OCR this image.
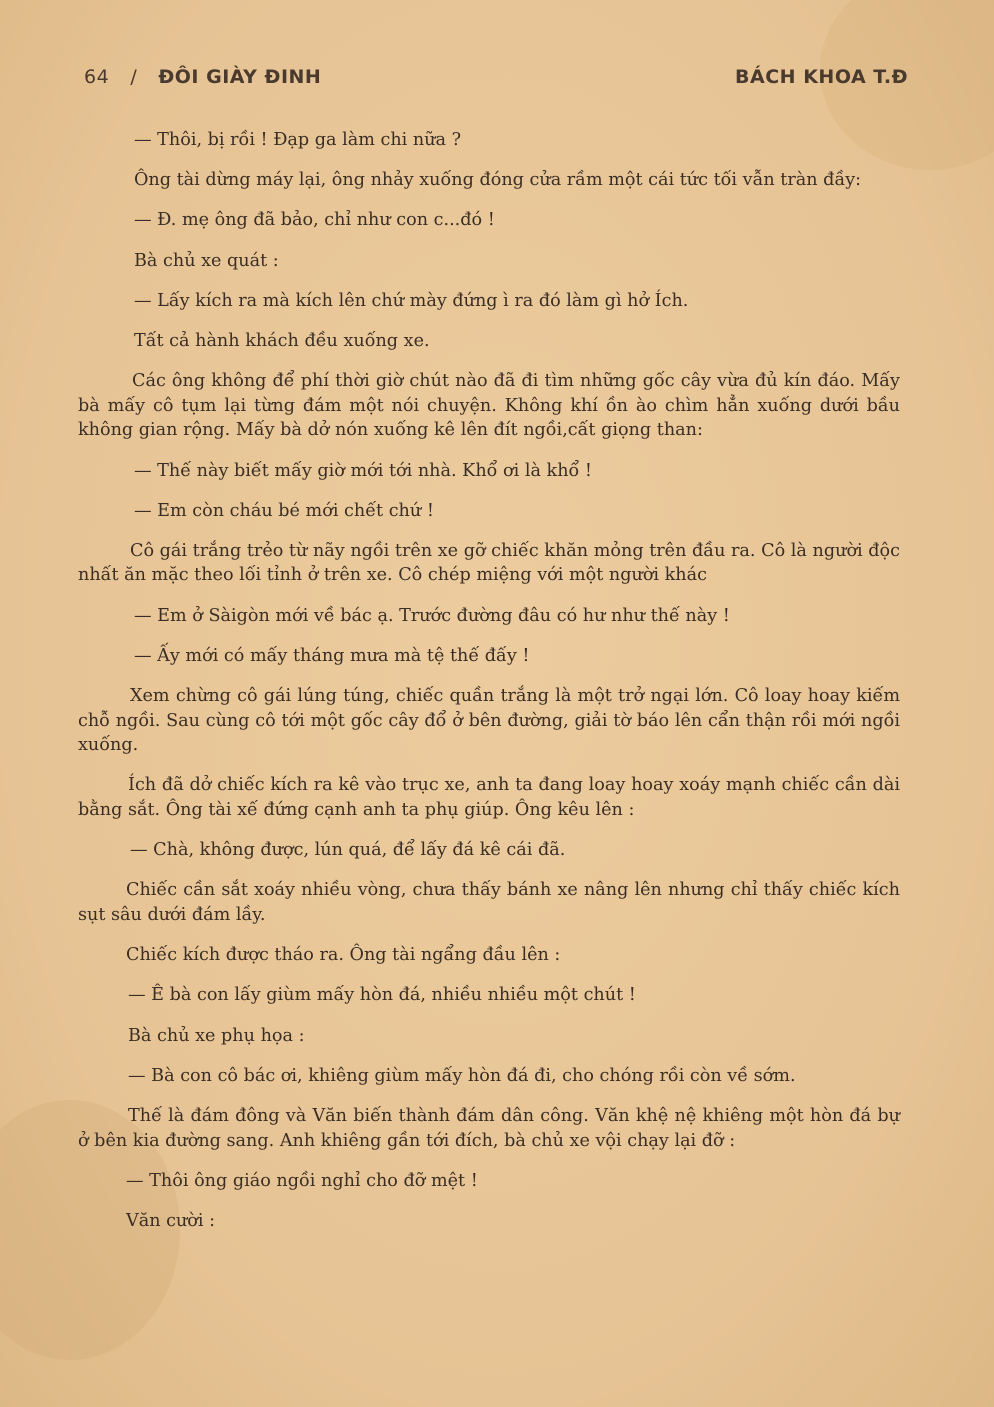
64 / ĐÔI GIÀY ĐINH	BÁCH KHOA T.Đ

— Thôi, bị rồi ! Đạp ga làm chi nữa ?

Ông tài dừng máy lại, ông nhảy xuống đóng cửa rầm một cái tức tối vẫn tràn đầy:

— Đ. mẹ ông đã bảo, chỉ như con c...đó !

Bà chủ xe quát :

— Lấy kích ra mà kích lên chứ mày đứng ì ra đó làm gì hở Ích.

Tất cả hành khách đều xuống xe.

Các ông không để phí thời giờ chút nào đã đi tìm những gốc cây vừa đủ kín đáo. Mấy bà mấy cô tụm lại từng đám một nói chuyện. Không khí ồn ào chìm hẳn xuống dưới bầu không gian rộng. Mấy bà dở nón xuống kê lên đít ngồi,cất giọng than:

— Thế này biết mấy giờ mới tới nhà. Khổ ơi là khổ !

— Em còn cháu bé mới chết chứ !

Cô gái trắng trẻo từ nãy ngồi trên xe gỡ chiếc khăn mỏng trên đầu ra. Cô là người độc nhất ăn mặc theo lối tỉnh ở trên xe. Cô chép miệng với một người khác

— Em ở Sàigòn mới về bác ạ. Trước đường đâu có hư như thế này !

— Ấy mới có mấy tháng mưa mà tệ thế đấy !

Xem chừng cô gái lúng túng, chiếc quần trắng là một trở ngại lớn. Cô loay hoay kiếm chỗ ngồi. Sau cùng cô tới một gốc cây đổ ở bên đường, giải tờ báo lên cẩn thận rồi mới ngồi xuống.

Ích đã dở chiếc kích ra kê vào trục xe, anh ta đang loay hoay xoáy mạnh chiếc cần dài bằng sắt. Ông tài xế đứng cạnh anh ta phụ giúp. Ông kêu lên :

— Chà, không được, lún quá, để lấy đá kê cái đã.

Chiếc cần sắt xoáy nhiều vòng, chưa thấy bánh xe nâng lên nhưng chỉ thấy chiếc kích sụt sâu dưới đám lầy.

Chiếc kích được tháo ra. Ông tài ngẩng đầu lên :

— Ê bà con lấy giùm mấy hòn đá, nhiều nhiều một chút !

Bà chủ xe phụ họa :

— Bà con cô bác ơi, khiêng giùm mấy hòn đá đi, cho chóng rồi còn về sớm.

Thế là đám đông và Văn biến thành đám dân công. Văn khệ nệ khiêng một hòn đá bự ở bên kia đường sang. Anh khiêng gần tới đích, bà chủ xe vội chạy lại đỡ :

— Thôi ông giáo ngồi nghỉ cho đỡ mệt !

Văn cười :
